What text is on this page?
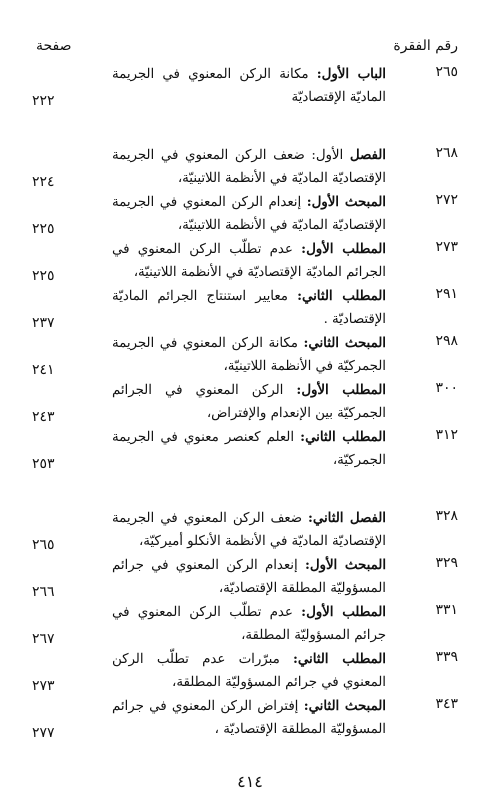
رقم الفقرة
صفحة
٢٦٥
الباب الأول: مكانة الركن المعنوي في الجريمة الماديّة الإقتصاديّة
٢٢٢
٢٦٨
الفصل الأول: ضعف الركن المعنوي في الجريمة الإقتصاديّة الماديّة في الأنظمة اللاتينيّة،
٢٢٤
٢٧٢
المبحث الأول: إنعدام الركن المعنوي في الجريمة الإقتصاديّة الماديّة في الأنظمة اللاتينيّة،
٢٢٥
٢٧٣
المطلب الأول: عدم تطلّب الركن المعنوي في الجرائم الماديّة الإقتصاديّة في الأنظمة اللاتينيّة،
٢٢٥
٢٩١
المطلب الثاني: معايير استنتاج الجرائم الماديّة الإقتصاديّة .
٢٣٧
٢٩٨
المبحث الثاني: مكانة الركن المعنوي في الجريمة الجمركيّة في الأنظمة اللاتينيّة،
٢٤١
٣٠٠
المطلب الأول: الركن المعنوي في الجرائم الجمركيّة بين الإنعدام والإفتراض،
٢٤٣
٣١٢
المطلب الثاني: العلم كعنصر معنوي في الجريمة الجمركيّة،
٢٥٣
٣٢٨
الفصل الثاني: ضعف الركن المعنوي في الجريمة الإقتصاديّة الماديّة في الأنظمة الأنكلو أميركيّة،
٢٦٥
٣٢٩
المبحث الأول: إنعدام الركن المعنوي في جرائم المسؤوليّة المطلقة الإقتصاديّة،
٢٦٦
٣٣١
المطلب الأول: عدم تطلّب الركن المعنوي في جرائم المسؤوليّة المطلقة،
٢٦٧
٣٣٩
المطلب الثاني: مبرّرات عدم تطلّب الركن المعنوي في جرائم المسؤوليّة المطلقة،
٢٧٣
٣٤٣
المبحث الثاني: إفتراض الركن المعنوي في جرائم المسؤوليّة المطلقة الإقتصاديّة ،
٢٧٧
٤١٤
